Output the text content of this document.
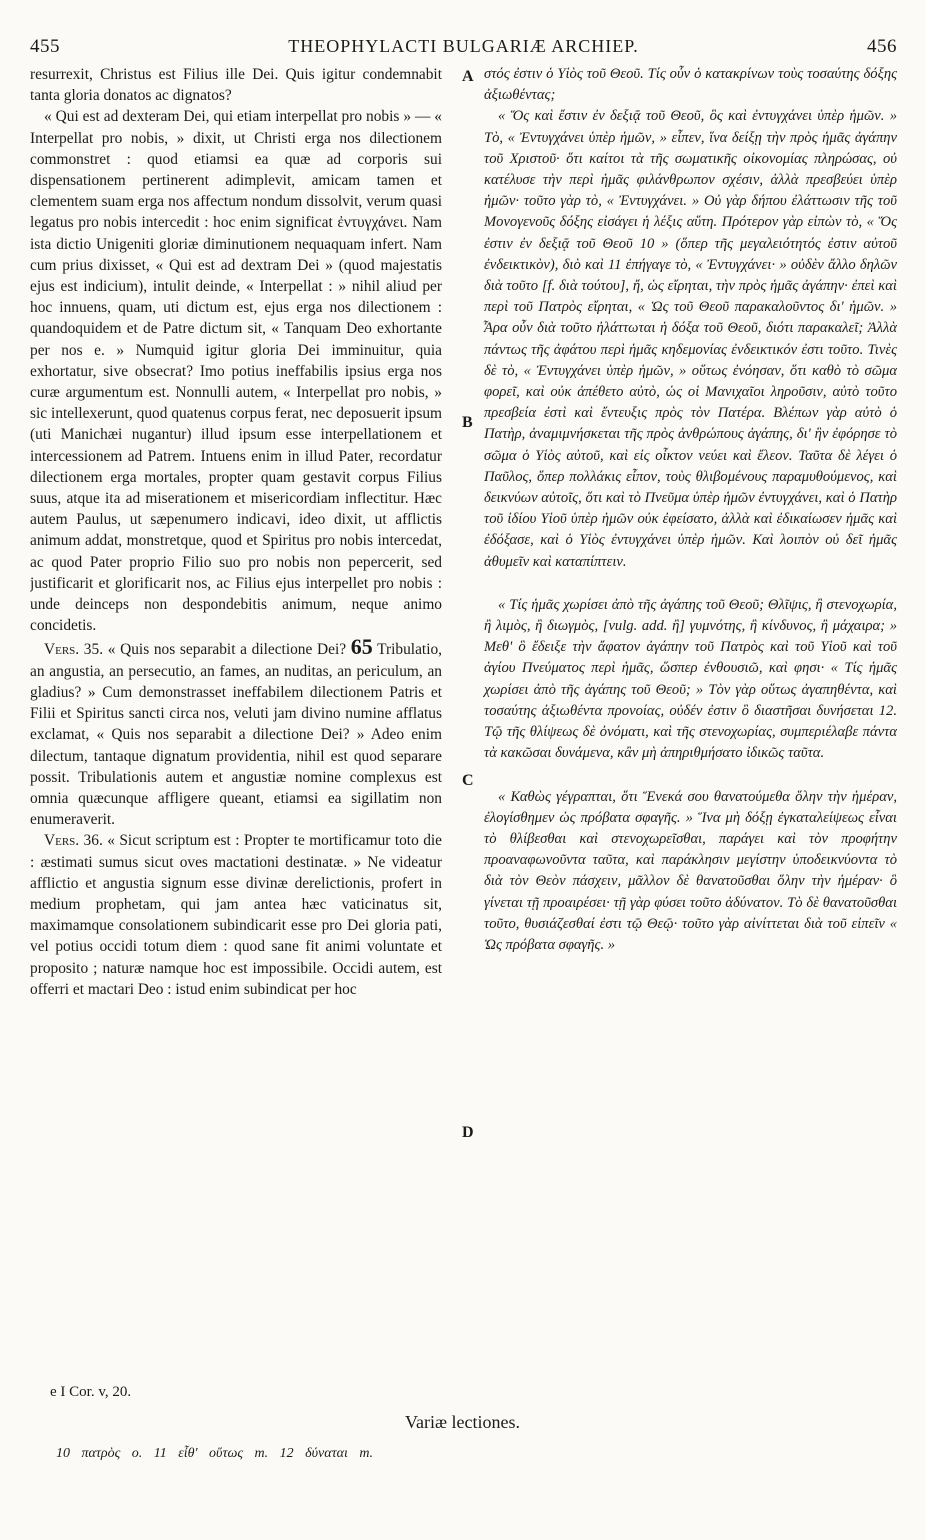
455	THEOPHYLACTI BULGARIÆ ARCHIEP.	456

resurrexit, Christus est Filius ille Dei. Quis igitur condemnabit tanta gloria donatos ac dignatos?

« Qui est ad dexteram Dei, qui etiam interpellat pro nobis » — « Interpellat pro nobis, » dixit, ut Christi erga nos dilectionem commonstret : quod etiamsi ea quæ ad corporis sui dispensationem pertinerent adimplevit, amicam tamen et clementem suam erga nos affectum nondum dissolvit, verum quasi legatus pro nobis intercedit : hoc enim significat ἐντυγχάνει. Nam ista dictio Unigeniti gloriæ diminutionem nequaquam infert. Nam cum prius dixisset, « Qui est ad dextram Dei » (quod majestatis ejus est indicium), intulit deinde, « Interpellat : » nihil aliud per hoc innuens, quam, uti dictum est, ejus erga nos dilectionem : quandoquidem et de Patre dictum sit, « Tanquam Deo exhortante per nos e. » Numquid igitur gloria Dei imminuitur, quia exhortatur, sive obsecrat? Imo potius ineffabilis ipsius erga nos curæ argumentum est. Nonnulli autem, « Interpellat pro nobis, » sic intellexerunt, quod quatenus corpus ferat, nec deposuerit ipsum (uti Manichæi nugantur) illud ipsum esse interpellationem et intercessionem ad Patrem. Intuens enim in illud Pater, recordatur dilectionem erga mortales, propter quam gestavit corpus Filius suus, atque ita ad miserationem et misericordiam inflectitur. Hæc autem Paulus, ut sæpenumero indicavi, ideo dixit, ut afflictis animum addat, monstretque, quod et Spiritus pro nobis intercedat, ac quod Pater proprio Filio suo pro nobis non pepercerit, sed justificarit et glorificarit nos, ac Filius ejus interpellet pro nobis : unde deinceps non despondebitis animum, neque animo concidetis.

Vers. 35. « Quis nos separabit a dilectione Dei? 65 Tribulatio, an angustia, an persecutio, an fames, an nuditas, an periculum, an gladius? » Cum demonstrasset ineffabilem dilectionem Patris et Filii et Spiritus sancti circa nos, veluti jam divino numine afflatus exclamat, « Quis nos separabit a dilectione Dei? » Adeo enim dilectum, tantaque dignatum providentia, nihil est quod separare possit. Tribulationis autem et angustiæ nomine complexus est omnia quæcunque affligere queant, etiamsi ea sigillatim non enumeraverit.

Vers. 36. « Sicut scriptum est : Propter te mortificamur toto die : æstimati sumus sicut oves mactationi destinatæ. » Ne videatur afflictio et angustia signum esse divinæ derelictionis, profert in medium prophetam, qui jam antea hæc vaticinatus sit, maximamque consolationem subindicarit esse pro Dei gloria pati, vel potius occidi totum diem : quod sane fit animi voluntate et proposito ; naturæ namque hoc est impossibile. Occidi autem, est offerri et mactari Deo : istud enim subindicat per hoc

A
B
C
D

στός ἐστιν ὁ Υἱὸς τοῦ Θεοῦ. Τίς οὖν ὁ κατακρίνων τοὺς τοσαύτης δόξης ἀξιωθέντας;

« Ὅς καὶ ἔστιν ἐν δεξιᾷ τοῦ Θεοῦ, ὃς καὶ ἐντυγχάνει ὑπὲρ ἡμῶν. » Τὸ, « Ἐντυγχάνει ὑπὲρ ἡμῶν, » εἶπεν, ἵνα δείξῃ τὴν πρὸς ἡμᾶς ἀγάπην τοῦ Χριστοῦ· ὅτι καίτοι τὰ τῆς σωματικῆς οἰκονομίας πληρώσας, οὐ κατέλυσε τὴν περὶ ἡμᾶς φιλάνθρωπον σχέσιν, ἀλλὰ πρεσβεύει ὑπὲρ ἡμῶν· τοῦτο γὰρ τὸ, « Ἐντυγχάνει. » Οὐ γὰρ δήπου ἐλάττωσιν τῆς τοῦ Μονογενοῦς δόξης εἰσάγει ἡ λέξις αὕτη. Πρότερον γὰρ εἰπὼν τὸ, « Ὅς ἐστιν ἐν δεξιᾷ τοῦ Θεοῦ 10 » (ὅπερ τῆς μεγαλειότητός ἐστιν αὐτοῦ ἐνδεικτικὸν), διὸ καὶ 11 ἐπήγαγε τὸ, « Ἐντυγχάνει· » οὐδὲν ἄλλο δηλῶν διὰ τοῦτο [f. διὰ τούτου], ἤ, ὡς εἴρηται, τὴν πρὸς ἡμᾶς ἀγάπην· ἐπεὶ καὶ περὶ τοῦ Πατρὸς εἴρηται, « Ὡς τοῦ Θεοῦ παρακαλοῦντος δι' ἡμῶν. » Ἆρα οὖν διὰ τοῦτο ἠλάττωται ἡ δόξα τοῦ Θεοῦ, διότι παρακαλεῖ; Ἀλλὰ πάντως τῆς ἀφάτου περὶ ἡμᾶς κηδεμονίας ἐνδεικτικόν ἐστι τοῦτο. Τινὲς δὲ τὸ, « Ἐντυγχάνει ὑπὲρ ἡμῶν, » οὕτως ἐνόησαν, ὅτι καθὸ τὸ σῶμα φορεῖ, καὶ οὐκ ἀπέθετο αὐτὸ, ὡς οἱ Μανιχαῖοι ληροῦσιν, αὐτὸ τοῦτο πρεσβεία ἐστὶ καὶ ἔντευξις πρὸς τὸν Πατέρα. Βλέπων γὰρ αὐτὸ ὁ Πατὴρ, ἀναμιμνήσκεται τῆς πρὸς ἀνθρώπους ἀγάπης, δι' ἣν ἐφόρησε τὸ σῶμα ὁ Υἱὸς αὐτοῦ, καὶ εἰς οἶκτον νεύει καὶ ἔλεον. Ταῦτα δὲ λέγει ὁ Παῦλος, ὅπερ πολλάκις εἶπον, τοὺς θλιβομένους παραμυθούμενος, καὶ δεικνύων αὐτοῖς, ὅτι καὶ τὸ Πνεῦμα ὑπὲρ ἡμῶν ἐντυγχάνει, καὶ ὁ Πατὴρ τοῦ ἰδίου Υἱοῦ ὑπὲρ ἡμῶν οὐκ ἐφείσατο, ἀλλὰ καὶ ἐδικαίωσεν ἡμᾶς καὶ ἐδόξασε, καὶ ὁ Υἱὸς ἐντυγχάνει ὑπὲρ ἡμῶν. Καὶ λοιπὸν οὐ δεῖ ἡμᾶς ἀθυμεῖν καὶ καταπίπτειν.

« Τίς ἡμᾶς χωρίσει ἀπὸ τῆς ἀγάπης τοῦ Θεοῦ; Θλῖψις, ἢ στενοχωρία, ἢ λιμὸς, ἢ διωγμὸς, [vulg. add. ἢ] γυμνότης, ἢ κίνδυνος, ἢ μάχαιρα; » Μεθ' ὃ ἔδειξε τὴν ἄφατον ἀγάπην τοῦ Πατρὸς καὶ τοῦ Υἱοῦ καὶ τοῦ ἁγίου Πνεύματος περὶ ἡμᾶς, ὥσπερ ἐνθουσιῶ, καὶ φησι· « Τίς ἡμᾶς χωρίσει ἀπὸ τῆς ἀγάπης τοῦ Θεοῦ; » Τὸν γὰρ οὕτως ἀγαπηθέντα, καὶ τοσαύτης ἀξιωθέντα προνοίας, οὐδέν ἐστιν ὃ διαστῆσαι δυνήσεται 12. Τῷ τῆς θλίψεως δὲ ὀνόματι, καὶ τῆς στενοχωρίας, συμπεριέλαβε πάντα τὰ κακῶσαι δυνάμενα, κἂν μὴ ἀπηριθμήσατο ἰδικῶς ταῦτα.

« Καθὼς γέγραπται, ὅτι Ἕνεκά σου θανατούμεθα ὅλην τὴν ἡμέραν, ἐλογίσθημεν ὡς πρόβατα σφαγῆς. » Ἵνα μὴ δόξῃ ἐγκαταλείψεως εἶναι τὸ θλίβεσθαι καὶ στενοχωρεῖσθαι, παράγει καὶ τὸν προφήτην προαναφωνοῦντα ταῦτα, καὶ παράκλησιν μεγίστην ὑποδεικνύοντα τὸ διὰ τὸν Θεὸν πάσχειν, μᾶλλον δὲ θανατοῦσθαι ὅλην τὴν ἡμέραν· ὃ γίνεται τῇ προαιρέσει· τῇ γὰρ φύσει τοῦτο ἀδύνατον. Τὸ δὲ θανατοῦσθαι τοῦτο, θυσιάζεσθαί ἐστι τῷ Θεῷ· τοῦτο γὰρ αἰνίττεται διὰ τοῦ εἰπεῖν « Ὡς πρόβατα σφαγῆς. »

e I Cor. v, 20.
Variæ lectiones.
10 πατρὸς o. 11 εἶθ' οὕτως m. 12 δύναται m.
